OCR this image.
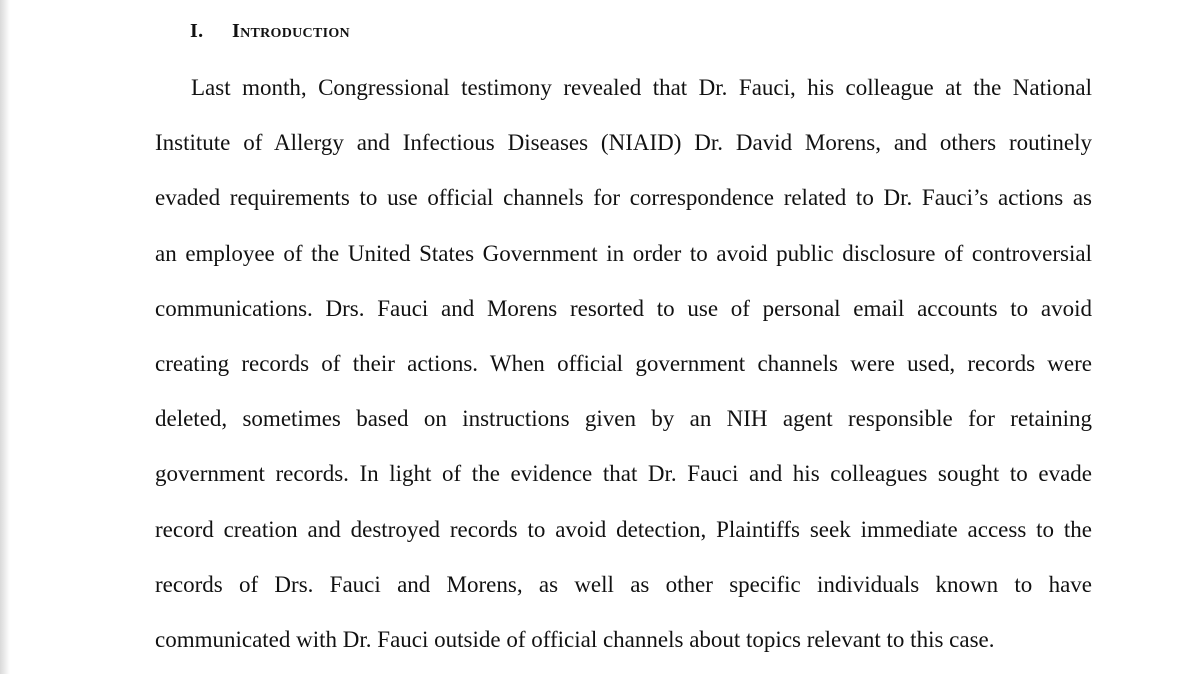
I. Introduction
Last month, Congressional testimony revealed that Dr. Fauci, his colleague at the National
Institute of Allergy and Infectious Diseases (NIAID) Dr. David Morens, and others routinely
evaded requirements to use official channels for correspondence related to Dr. Fauci’s actions as
an employee of the United States Government in order to avoid public disclosure of controversial
communications. Drs. Fauci and Morens resorted to use of personal email accounts to avoid
creating records of their actions. When official government channels were used, records were
deleted, sometimes based on instructions given by an NIH agent responsible for retaining
government records. In light of the evidence that Dr. Fauci and his colleagues sought to evade
record creation and destroyed records to avoid detection, Plaintiffs seek immediate access to the
records of Drs. Fauci and Morens, as well as other specific individuals known to have
communicated with Dr. Fauci outside of official channels about topics relevant to this case.
